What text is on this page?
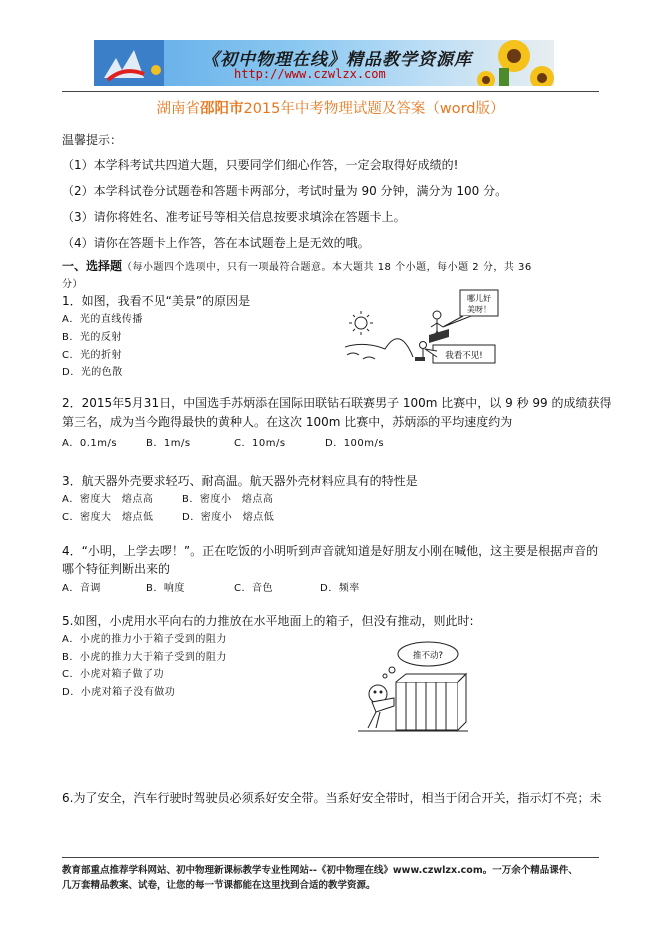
《初中物理在线》精品教学资源库
http://www.czwlzx.com
湖南省邵阳市2015年中考物理试题及答案（word版）
温馨提示：
（1）本学科考试共四道大题，只要同学们细心作答，一定会取得好成绩的!
（2）本学科试卷分试题卷和答题卡两部分，考试时量为 90 分钟，满分为 100 分。
（3）请你将姓名、准考证号等相关信息按要求填涂在答题卡上。
（4）请你在答题卡上作答，答在本试题卷上是无效的哦。
一、选择题（每小题四个选项中，只有一项最符合题意。本大题共 18 个小题，每小题 2 分，共 36
分）
1．如图，我看不见“美景”的原因是
A．光的直线传播
B．光的反射
C．光的折射
D．光的色散
哪儿好
美呀！
我看不见!
2．2015年5月31日，中国选手苏炳添在国际田联钻石联赛男子 100m 比赛中，以 9 秒 99 的成绩获得
第三名，成为当今跑得最快的黄种人。在这次 100m 比赛中，苏炳添的平均速度约为
A．0.1m/s	B．1m/s	C．10m/s	D．100m/s
3．航天器外壳要求轻巧、耐高温。航天器外壳材料应具有的特性是
A．密度大　熔点高	B．密度小　熔点高
C．密度大　熔点低	D．密度小　熔点低
4．“小明，上学去啰！”。正在吃饭的小明听到声音就知道是好朋友小刚在喊他，这主要是根据声音的
哪个特征判断出来的
A．音调	B．响度	C．音色	D．频率
5.如图，小虎用水平向右的力推放在水平地面上的箱子，但没有推动，则此时:
A．小虎的推力小于箱子受到的阻力
B．小虎的推力大于箱子受到的阻力
C．小虎对箱子做了功
D．小虎对箱子没有做功
推不动?
6.为了安全，汽车行驶时驾驶员必须系好安全带。当系好安全带时，相当于闭合开关，指示灯不亮；未
教育部重点推荐学科网站、初中物理新课标教学专业性网站--《初中物理在线》www.czwlzx.com。一万余个精品课件、
几万套精品教案、试卷，让您的每一节课都能在这里找到合适的教学资源。
